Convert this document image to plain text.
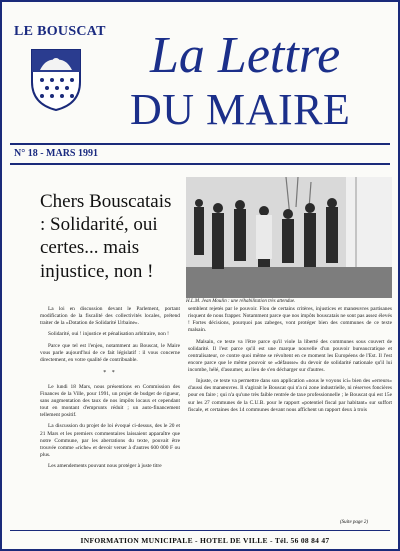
LE BOUSCAT La Lettre
DU MAIRE
N° 18 - MARS 1991
Chers Bouscatais : Solidarité, oui certes... mais injustice, non !
H.L.M. Jean Moulin : une réhabilitation très attendue.

La loi en discussion devant le Parlement, portant modification de la fiscalité des collectivités locales, prétend traiter de la «Dotation de Solidarité Urbaine».

Solidarité, oui ! injustice et pénalisation arbitraire, non !

Parce que tel est l'enjeu, notamment au Bouscat, le Maire vous parle aujourd'hui de ce fait législatif : il vous concerne directement, en votre qualité de contribuable.

* *

Le lundi 18 Mars, nous présentions en Commission des Finances de la Ville, pour 1991, un projet de budget de rigueur, sans augmentation des taux de nos impôts locaux et cependant tout en montant d'emprunts réduit ; un auto-financement tellement positif.

La discussion du projet de loi évoqué ci-dessus, des le 20 et 21 Mars et les premiers commentaires laissaient apparaître que notre Commune, par les aberrations du texte, pouvait être trouvée comme «riche» et devoir verser à d'autres 600 000 F ou plus.

Les amendements pouvant nous protéger à juste titre

semblent rejetés par le pouvoir. Flou de certains critères, injustices et manœuvres partisanes risquent de nous frapper. Notamment parce que nos impôts bouscatais ne sont pas assez élevés ! Fortes décisions, pourquoi pas zabeges, vont protéger bien des communes de ce texte malsain.

Malsain, ce texte va l'être parce qu'il viole la liberté des communes sous couvert de solidarité. Il l'est parce qu'il est une marque nouvelle d'un pouvoir bureaucratique et centralisateur, ce contre quoi même se révoltent en ce moment les Européens de l'Est. Il l'est encore parce que le même pouvoir se «défausse» du devoir de solidarité nationale qu'il lui incombe, hélé, d'assumer, au lieu de s'en décharger sur d'autres.

Injuste, ce texte va permettre dans son application «nous le voyons ici» bien des «erreurs» d'aussi des manœuvres. Il s'agirait le Bouscat qui n'a ni zone industrielle, ni réserves foncières pour en faire ; qui n'a qu'une très faible rentrée de taxe professionnelle ; le Bouscat qui est 15e sur les 27 communes de la C.U.B. pour le rapport «potentiel fiscal par habitant» sur suffort fiscale, et certaines des 14 communes devant nous affichent un rapport deux à trois

(Suite page 2)
INFORMATION MUNICIPALE - HOTEL DE VILLE - Tél. 56 08 84 47
